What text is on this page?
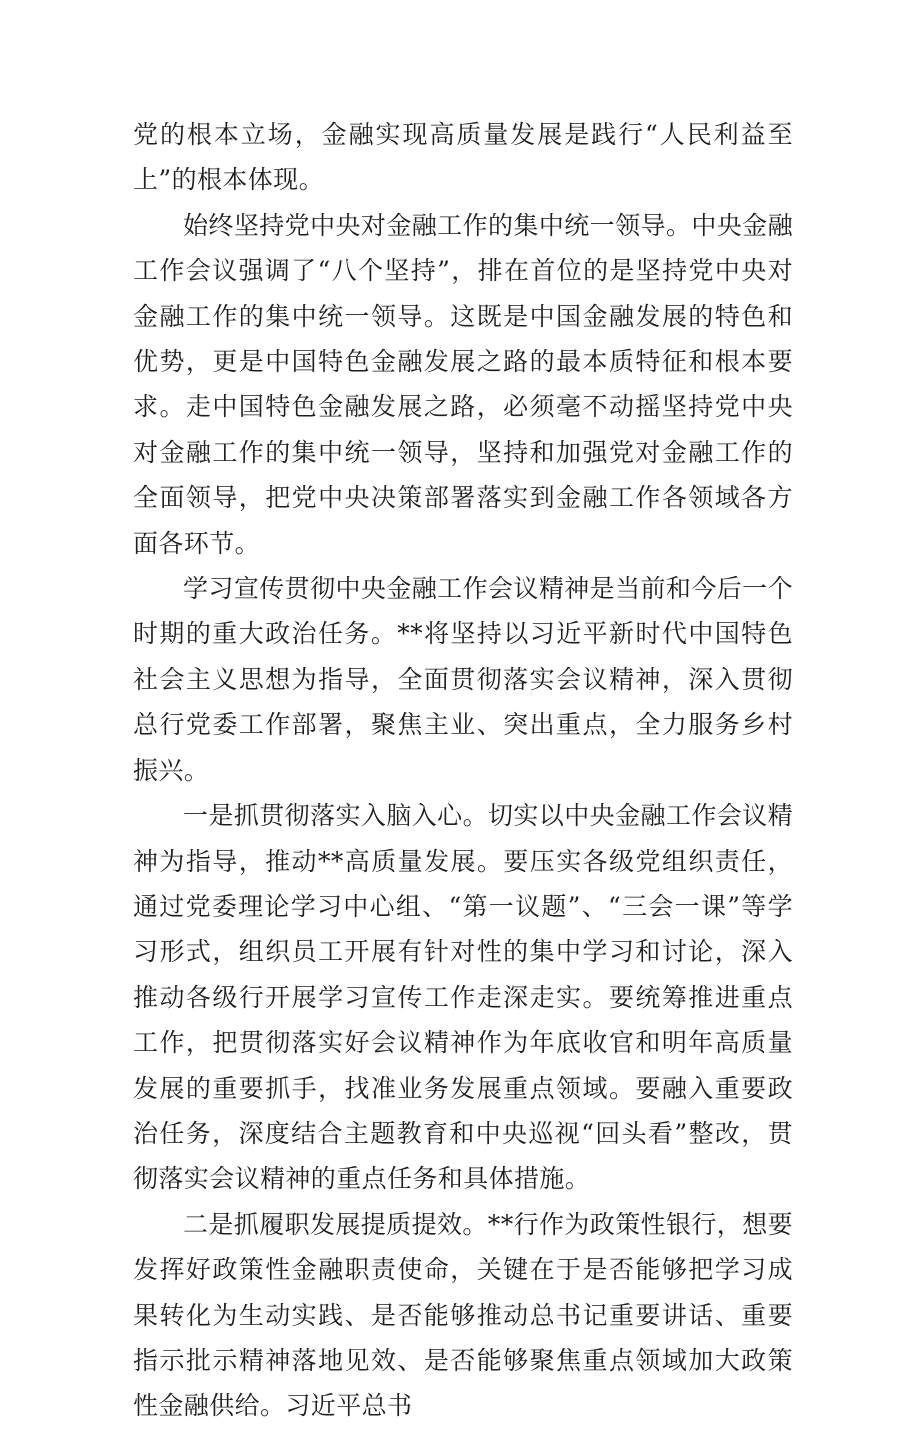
党的根本立场，金融实现高质量发展是践行“人民利益至上”的根本体现。

始终坚持党中央对金融工作的集中统一领导。中央金融工作会议强调了“八个坚持”，排在首位的是坚持党中央对金融工作的集中统一领导。这既是中国金融发展的特色和优势，更是中国特色金融发展之路的最本质特征和根本要求。走中国特色金融发展之路，必须毫不动摇坚持党中央对金融工作的集中统一领导，坚持和加强党对金融工作的全面领导，把党中央决策部署落实到金融工作各领域各方面各环节。

学习宣传贯彻中央金融工作会议精神是当前和今后一个时期的重大政治任务。**将坚持以习近平新时代中国特色社会主义思想为指导，全面贯彻落实会议精神，深入贯彻总行党委工作部署，聚焦主业、突出重点，全力服务乡村振兴。

一是抓贯彻落实入脑入心。切实以中央金融工作会议精神为指导，推动**高质量发展。要压实各级党组织责任，通过党委理论学习中心组、“第一议题”、“三会一课”等学习形式，组织员工开展有针对性的集中学习和讨论，深入推动各级行开展学习宣传工作走深走实。要统筹推进重点工作，把贯彻落实好会议精神作为年底收官和明年高质量发展的重要抓手，找准业务发展重点领域。要融入重要政治任务，深度结合主题教育和中央巡视“回头看”整改，贯彻落实会议精神的重点任务和具体措施。

二是抓履职发展提质提效。**行作为政策性银行，想要发挥好政策性金融职责使命，关键在于是否能够把学习成果转化为生动实践、是否能够推动总书记重要讲话、重要指示批示精神落地见效、是否能够聚焦重点领域加大政策性金融供给。习近平总书
